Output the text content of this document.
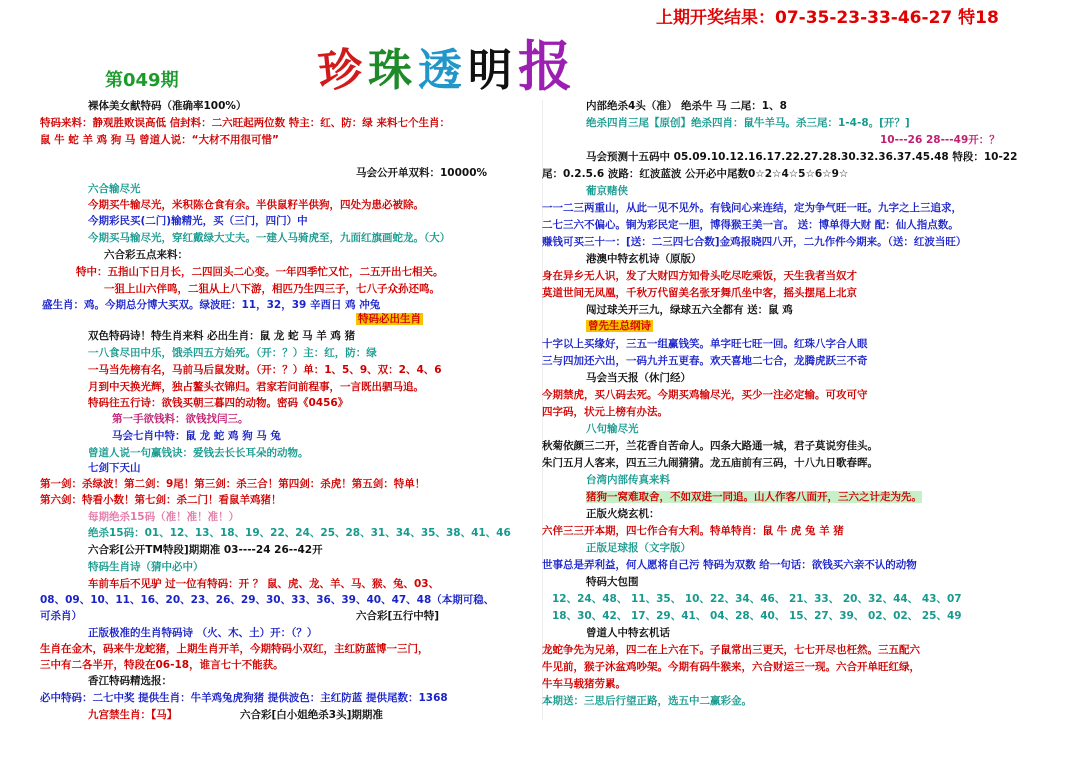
上期开奖结果：07-35-23-33-46-27 特18
珍珠透明报
第049期
裸体美女献特码（准确率100%）
特码来料：静观胜败误高低 信封料：二六旺起两位数 特主：红、防：绿 来料七个生肖：
鼠 牛 蛇 羊 鸡 狗 马 曾道人说：“大材不用很可惜”
马会公开单双料：10000%
六合输尽光
今期买牛输尽光，米积陈仓食有余。半供鼠籽半供狗，四处为患必被除。
今期彩民买(二门)输精光，买（三门，四门）中
今期买马输尽光，穿红戴绿大丈夫。一建人马骑虎至，九面红旗画蛇龙。（大）
六合彩五点来料：
特中：五指山下日月长，二四回头二心变。一年四季忙又忙，二五开出七相关。
一狙上山六伴鸣，二狙从上八下游，相匹乃生四三子，七八子众孙还鸣。
盛生肖：鸡。今期总分博大买双。绿波旺：11，32，39 辛酉日 鸡 冲兔
特码必出生肖
双色特码诗！特生肖来料 必出生肖：鼠 龙 蛇 马 羊 鸡 猪
一八食尽田中乐，饿杀四五方始死。（开：？）主：红，防：绿
一马当先榜有名，马前马后鼠发财。（开：？）单：1、5、9、双：2、4、6
月到中天换光辉，独占鳌头衣锦归。君家若问前程事，一言既出驷马追。
特码往五行诗：欲钱买朝三暮四的动物。密码《0456》
第一手欲钱料：欲钱找闫三。
马会七肖中特：鼠 龙 蛇 鸡 狗 马 兔
曾道人说一句赢钱诀：爱钱去长长耳朵的动物。
七剑下天山
第一剑：杀绿波！第二剑：9尾！第三剑：杀三合！第四剑：杀虎！第五剑：特单！
第六剑：特看小数！第七剑：杀二门！看鼠羊鸡猪！
每期绝杀15码（准！准！准！）
绝杀15码：01、12、13、18、19、22、24、25、28、31、34、35、38、41、46
六合彩[公开TM特段]期期准 03----24 26--42开
特码生肖诗（猜中必中）
车前车后不见驴 过一位有特码：开 ？ 鼠、虎、龙、羊、马、猴、兔、03、
08、09、10、11、16、20、23、26、29、30、33、36、39、40、47、48（本期可稳、
可杀肖）	六合彩[五行中特]
正版极准的生肖特码诗 （火、木、土）开：（？）
生肖在金木，码来牛龙蛇猪，上期生肖开羊，今期特码小双红，主红防蓝博一三门，
三中有二各半开，特段在06-18，谁言七十不能获。
香江特码精选报：
必中特码：二七中奖 提供生肖：牛羊鸡兔虎狗猪 提供波色：主红防蓝 提供尾数：1368
九宫禁生肖：【马】	六合彩[白小姐绝杀3头]期期准
内部绝杀4头（准） 绝杀牛 马 二尾：1、8
绝杀四肖三尾【原创】绝杀四肖：鼠牛羊马。杀三尾：1-4-8。[开？]
10---26 28---49开：？
马会预测十五码中 05.09.10.12.16.17.22.27.28.30.32.36.37.45.48 特段：10-22
尾：0.2.5.6 波路：红波蓝波 公开必中尾数0☆2☆4☆5☆6☆9☆
葡京赌侠
一一二三两重山，从此一见不见外。有钱问心来连结，定为争气旺一旺。九字之上三追求，
二七三六不偏心。锏为彩民定一胆，博得猴王美一言。 送：博单得大财 配：仙人指点数。
赚钱可买三十一：[送：二三四七合数]金鸡报晓四八开，二九作件今期来。（送：红波当旺）
港澳中特玄机诗（原版）
身在异乡无人识，发了大财四方知骨头吃尽吃乘饭，天生我者当奴才
莫道世间无凤凰，千秋万代留美名张牙舞爪坐中客，摇头摆尾上北京
闯过球关开三九，绿球五六全都有 送：鼠 鸡
曾先生总纲诗
十字以上买缘好，三五一组赢钱笑。单字旺七旺一回。红珠八字合人眼
三与四加还六出，一码九并五更春。欢天喜地二七合，龙腾虎跃三不奇
马会当天报（休门经）
今期禁虎，买八码去死。今期买鸡输尽光，买少一注必定输。可攻可守
四字码，状元上榜有办法。
八句输尽光
秋菊依颜三二开，兰花香自苦命人。四条大路通一城，君子莫说穷佳头。
朱门五月人客来，四五三九闹猜猜。龙五庙前有三码，十八九日歌春晖。
台湾内部传真来料
猪狗一窝难取舍，不如双进一同追。山人作客八面开，三六之计走为先。
正版火烧玄机：
六伴三三开本期，四七作合有大利。特单特肖：鼠 牛 虎 兔 羊 猪
正版足球报（文字版）
世事总是弄利益，何人愿将自己污 特码为双数 给一句话：欲钱买六亲不认的动物
特码大包围
12、24、48、 11、35、 10、22、34、46、 21、33、 20、32、44、 43、07
18、30、42、 17、29、41、 04、28、40、 15、27、39、 02、02、 25、49
曾道人中特玄机话
龙蛇争先为兄弟，四二在上六在下。子鼠常出三更天，七七开尽也枉然。三五配六
牛见前，猴子沐盆鸡吵架。今期有码牛猴来，六合财运三一现。六合开单旺红绿，
牛车马载猪劳累。
本期送：三思后行望正路，选五中二赢彩金。
